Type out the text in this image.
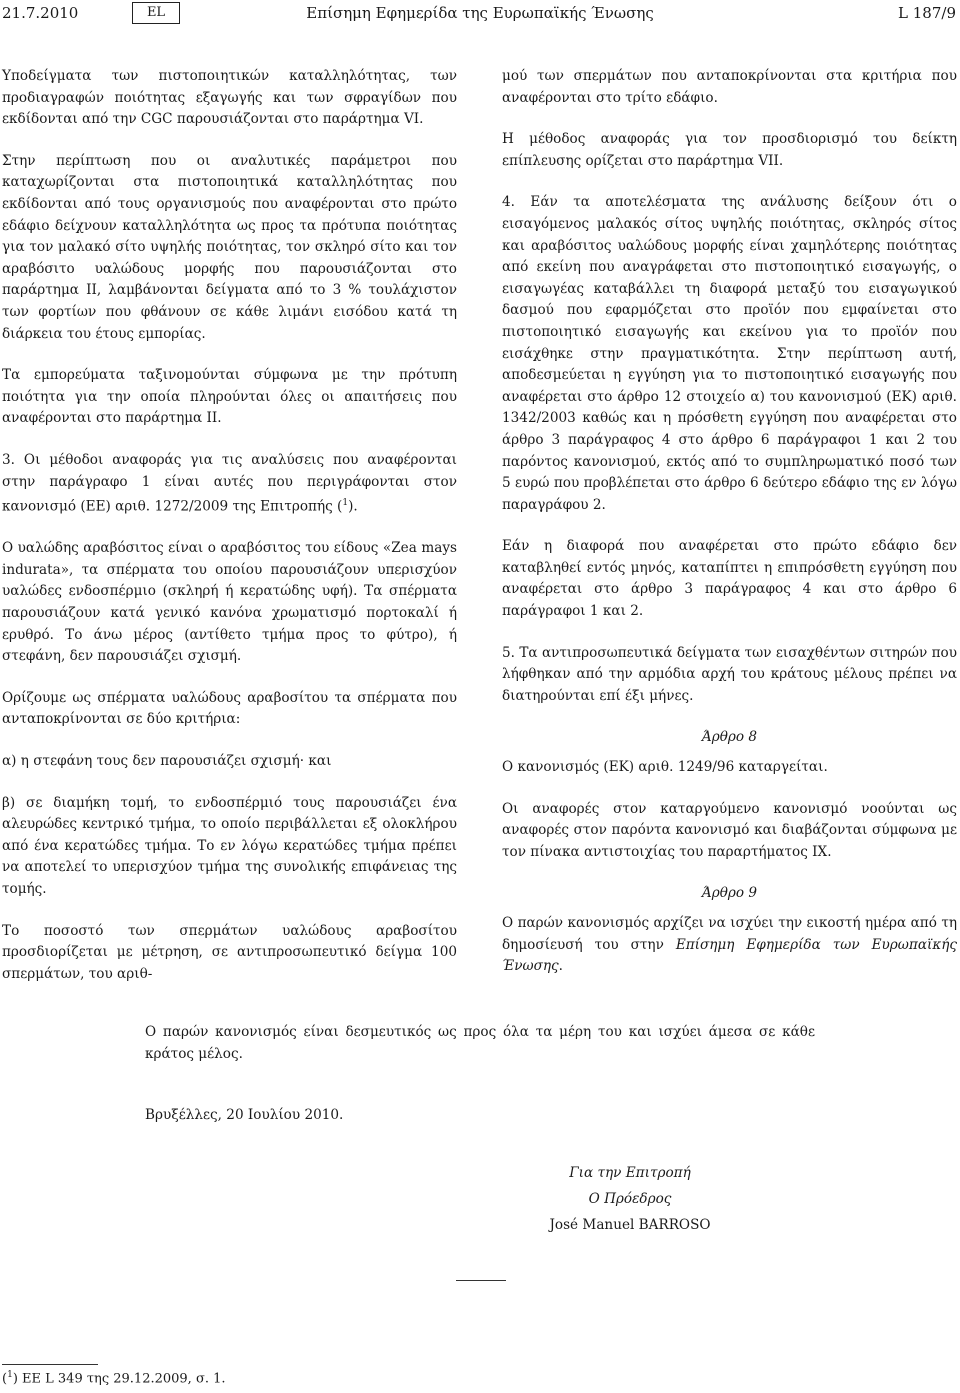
21.7.2010	EL	Επίσημη Εφημερίδα της Ευρωπαϊκής Ένωσης	L 187/9

Υποδείγματα των πιστοποιητικών καταλληλότητας, των προδιαγραφών ποιότητας εξαγωγής και των σφραγίδων που εκδίδονται από την CGC παρουσιάζονται στο παράρτημα VI.

Στην περίπτωση που οι αναλυτικές παράμετροι που καταχωρίζονται στα πιστοποιητικά καταλληλότητας που εκδίδονται από τους οργανισμούς που αναφέρονται στο πρώτο εδάφιο δείχνουν καταλληλότητα ως προς τα πρότυπα ποιότητας για τον μαλακό σίτο υψηλής ποιότητας, τον σκληρό σίτο και τον αραβόσιτο υαλώδους μορφής που παρουσιάζονται στο παράρτημα II, λαμβάνονται δείγματα από το 3 % τουλάχιστον των φορτίων που φθάνουν σε κάθε λιμάνι εισόδου κατά τη διάρκεια του έτους εμπορίας.

Τα εμπορεύματα ταξινομούνται σύμφωνα με την πρότυπη ποιότητα για την οποία πληρούνται όλες οι απαιτήσεις που αναφέρονται στο παράρτημα II.

3. Οι μέθοδοι αναφοράς για τις αναλύσεις που αναφέρονται στην παράγραφο 1 είναι αυτές που περιγράφονται στον κανονισμό (ΕΕ) αριθ. 1272/2009 της Επιτροπής ($^1$).

Ο υαλώδης αραβόσιτος είναι ο αραβόσιτος του είδους «Zea mays indurata», τα σπέρματα του οποίου παρουσιάζουν υπερισχύον υαλώδες ενδοσπέρμιο (σκληρή ή κερατώδης υφή). Τα σπέρματα παρουσιάζουν κατά γενικό κανόνα χρωματισμό πορτοκαλί ή ερυθρό. Το άνω μέρος (αντίθετο τμήμα προς το φύτρο), ή στεφάνη, δεν παρουσιάζει σχισμή.

Ορίζουμε ως σπέρματα υαλώδους αραβοσίτου τα σπέρματα που ανταποκρίνονται σε δύο κριτήρια:

α) η στεφάνη τους δεν παρουσιάζει σχισμή· και

β) σε διαμήκη τομή, το ενδοσπέρμιό τους παρουσιάζει ένα αλευρώδες κεντρικό τμήμα, το οποίο περιβάλλεται εξ ολοκλήρου από ένα κερατώδες τμήμα. Το εν λόγω κερατώδες τμήμα πρέπει να αποτελεί το υπερισχύον τμήμα της συνολικής επιφάνειας της τομής.

Το ποσοστό των σπερμάτων υαλώδους αραβοσίτου προσδιορίζεται με μέτρηση, σε αντιπροσωπευτικό δείγμα 100 σπερμάτων, του αριθ-

μού των σπερμάτων που ανταποκρίνονται στα κριτήρια που αναφέρονται στο τρίτο εδάφιο.

Η μέθοδος αναφοράς για τον προσδιορισμό του δείκτη επίπλευσης ορίζεται στο παράρτημα VII.

4. Εάν τα αποτελέσματα της ανάλυσης δείξουν ότι ο εισαγόμενος μαλακός σίτος υψηλής ποιότητας, σκληρός σίτος και αραβόσιτος υαλώδους μορφής είναι χαμηλότερης ποιότητας από εκείνη που αναγράφεται στο πιστοποιητικό εισαγωγής, ο εισαγωγέας καταβάλλει τη διαφορά μεταξύ του εισαγωγικού δασμού που εφαρμόζεται στο προϊόν που εμφαίνεται στο πιστοποιητικό εισαγωγής και εκείνου για το προϊόν που εισάχθηκε στην πραγματικότητα. Στην περίπτωση αυτή, αποδεσμεύεται η εγγύηση για το πιστοποιητικό εισαγωγής που αναφέρεται στο άρθρο 12 στοιχείο α) του κανονισμού (ΕΚ) αριθ. 1342/2003 καθώς και η πρόσθετη εγγύηση που αναφέρεται στο άρθρο 3 παράγραφος 4 στο άρθρο 6 παράγραφοι 1 και 2 του παρόντος κανονισμού, εκτός από το συμπληρωματικό ποσό των 5 ευρώ που προβλέπεται στο άρθρο 6 δεύτερο εδάφιο της εν λόγω παραγράφου 2.

Εάν η διαφορά που αναφέρεται στο πρώτο εδάφιο δεν καταβληθεί εντός μηνός, καταπίπτει η επιπρόσθετη εγγύηση που αναφέρεται στο άρθρο 3 παράγραφος 4 και στο άρθρο 6 παράγραφοι 1 και 2.

5. Τα αντιπροσωπευτικά δείγματα των εισαχθέντων σιτηρών που λήφθηκαν από την αρμόδια αρχή του κράτους μέλους πρέπει να διατηρούνται επί έξι μήνες.

Άρθρο 8

Ο κανονισμός (ΕΚ) αριθ. 1249/96 καταργείται.

Οι αναφορές στον καταργούμενο κανονισμό νοούνται ως αναφορές στον παρόντα κανονισμό και διαβάζονται σύμφωνα με τον πίνακα αντιστοιχίας του παραρτήματος IX.

Άρθρο 9

Ο παρών κανονισμός αρχίζει να ισχύει την εικοστή ημέρα από τη δημοσίευσή του στην Επίσημη Εφημερίδα των Ευρωπαϊκής Ένωσης.

Ο παρών κανονισμός είναι δεσμευτικός ως προς όλα τα μέρη του και ισχύει άμεσα σε κάθε κράτος μέλος.

Βρυξέλλες, 20 Ιουλίου 2010.
Για την Επιτροπή
Ο Πρόεδρος
José Manuel BARROSO
($^1$) EE L 349 της 29.12.2009, σ. 1.
